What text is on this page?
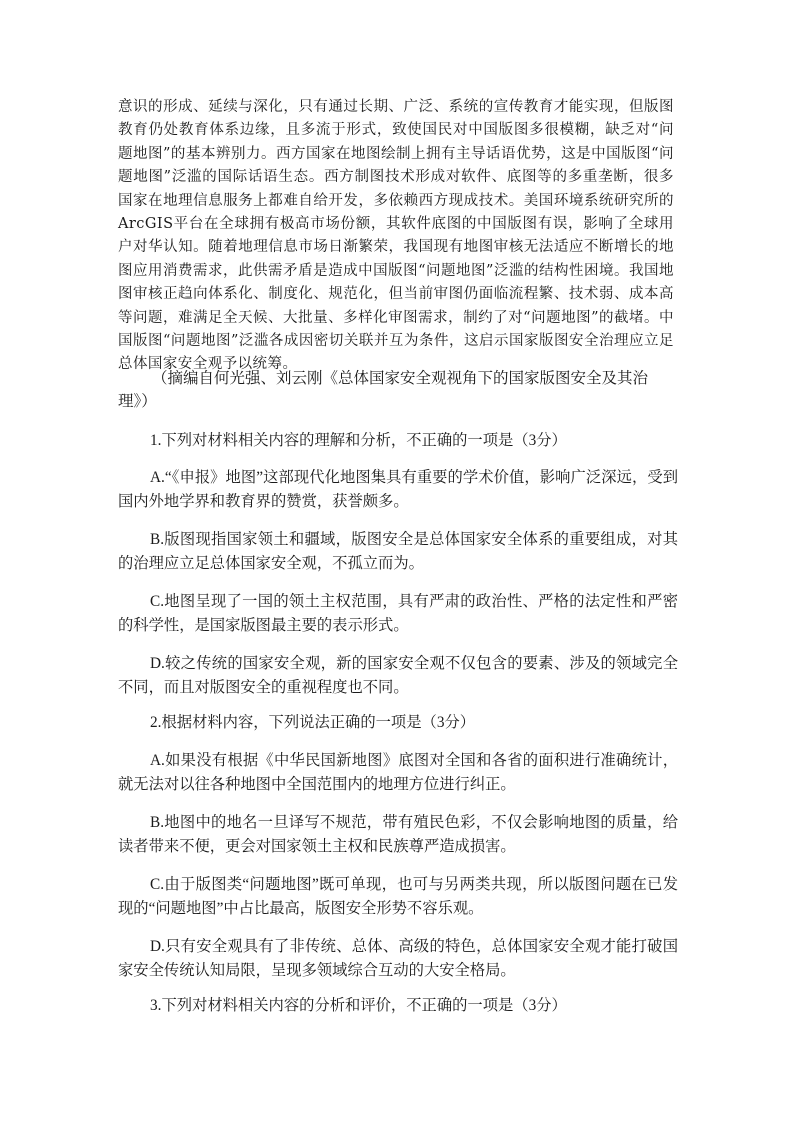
意识的形成、延续与深化，只有通过长期、广泛、系统的宣传教育才能实现，但版图教育仍处教育体系边缘，且多流于形式，致使国民对中国版图多很模糊，缺乏对“问题地图”的基本辨别力。西方国家在地图绘制上拥有主导话语优势，这是中国版图“问题地图”泛滥的国际话语生态。西方制图技术形成对软件、底图等的多重垄断，很多国家在地理信息服务上都难自给开发，多依赖西方现成技术。美国环境系统研究所的ArcGIS平台在全球拥有极高市场份额，其软件底图的中国版图有误，影响了全球用户对华认知。随着地理信息市场日渐繁荣，我国现有地图审核无法适应不断增长的地图应用消费需求，此供需矛盾是造成中国版图“问题地图”泛滥的结构性困境。我国地图审核正趋向体系化、制度化、规范化，但当前审图仍面临流程繁、技术弱、成本高等问题，难满足全天候、大批量、多样化审图需求，制约了对“问题地图”的截堵。中国版图“问题地图”泛滥各成因密切关联并互为条件，这启示国家版图安全治理应立足总体国家安全观予以统筹。

（摘编自何光强、刘云刚《总体国家安全观视角下的国家版图安全及其治理》）

1.下列对材料相关内容的理解和分析，不正确的一项是（3分）

A.“《申报》地图”这部现代化地图集具有重要的学术价值，影响广泛深远，受到国内外地学界和教育界的赞赏，获誉颇多。

B.版图现指国家领土和疆域，版图安全是总体国家安全体系的重要组成，对其的治理应立足总体国家安全观，不孤立而为。

C.地图呈现了一国的领土主权范围，具有严肃的政治性、严格的法定性和严密的科学性，是国家版图最主要的表示形式。

D.较之传统的国家安全观，新的国家安全观不仅包含的要素、涉及的领域完全不同，而且对版图安全的重视程度也不同。

2.根据材料内容，下列说法正确的一项是（3分）

A.如果没有根据《中华民国新地图》底图对全国和各省的面积进行准确统计，就无法对以往各种地图中全国范围内的地理方位进行纠正。

B.地图中的地名一旦译写不规范，带有殖民色彩，不仅会影响地图的质量，给读者带来不便，更会对国家领土主权和民族尊严造成损害。

C.由于版图类“问题地图”既可单现，也可与另两类共现，所以版图问题在已发现的“问题地图”中占比最高，版图安全形势不容乐观。

D.只有安全观具有了非传统、总体、高级的特色，总体国家安全观才能打破国家安全传统认知局限，呈现多领域综合互动的大安全格局。

3.下列对材料相关内容的分析和评价，不正确的一项是（3分）
